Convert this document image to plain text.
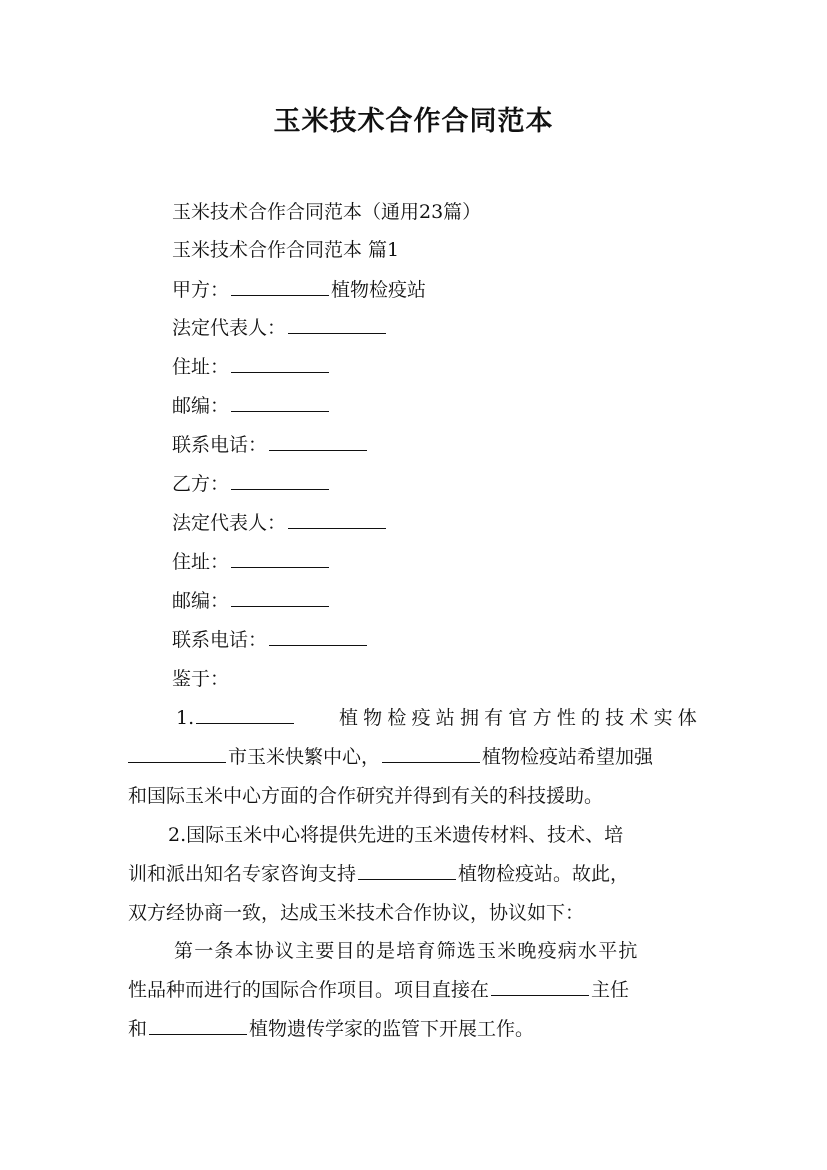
玉米技术合作合同范本
玉米技术合作合同范本（通用23篇）
玉米技术合作合同范本 篇1
甲方：	植物检疫站
法定代表人：
住址：
邮编：
联系电话：
乙方：
法定代表人：
住址：
邮编：
联系电话：
鉴于：
1.	植物检疫站拥有官方性的技术实体
市玉米快繁中心，	植物检疫站希望加强
和国际玉米中心方面的合作研究并得到有关的科技援助。
2.国际玉米中心将提供先进的玉米遗传材料、技术、培
训和派出知名专家咨询支持	植物检疫站。故此，
双方经协商一致，达成玉米技术合作协议，协议如下：
第一条本协议主要目的是培育筛选玉米晚疫病水平抗
性品种而进行的国际合作项目。项目直接在	主任
和	植物遗传学家的监管下开展工作。
